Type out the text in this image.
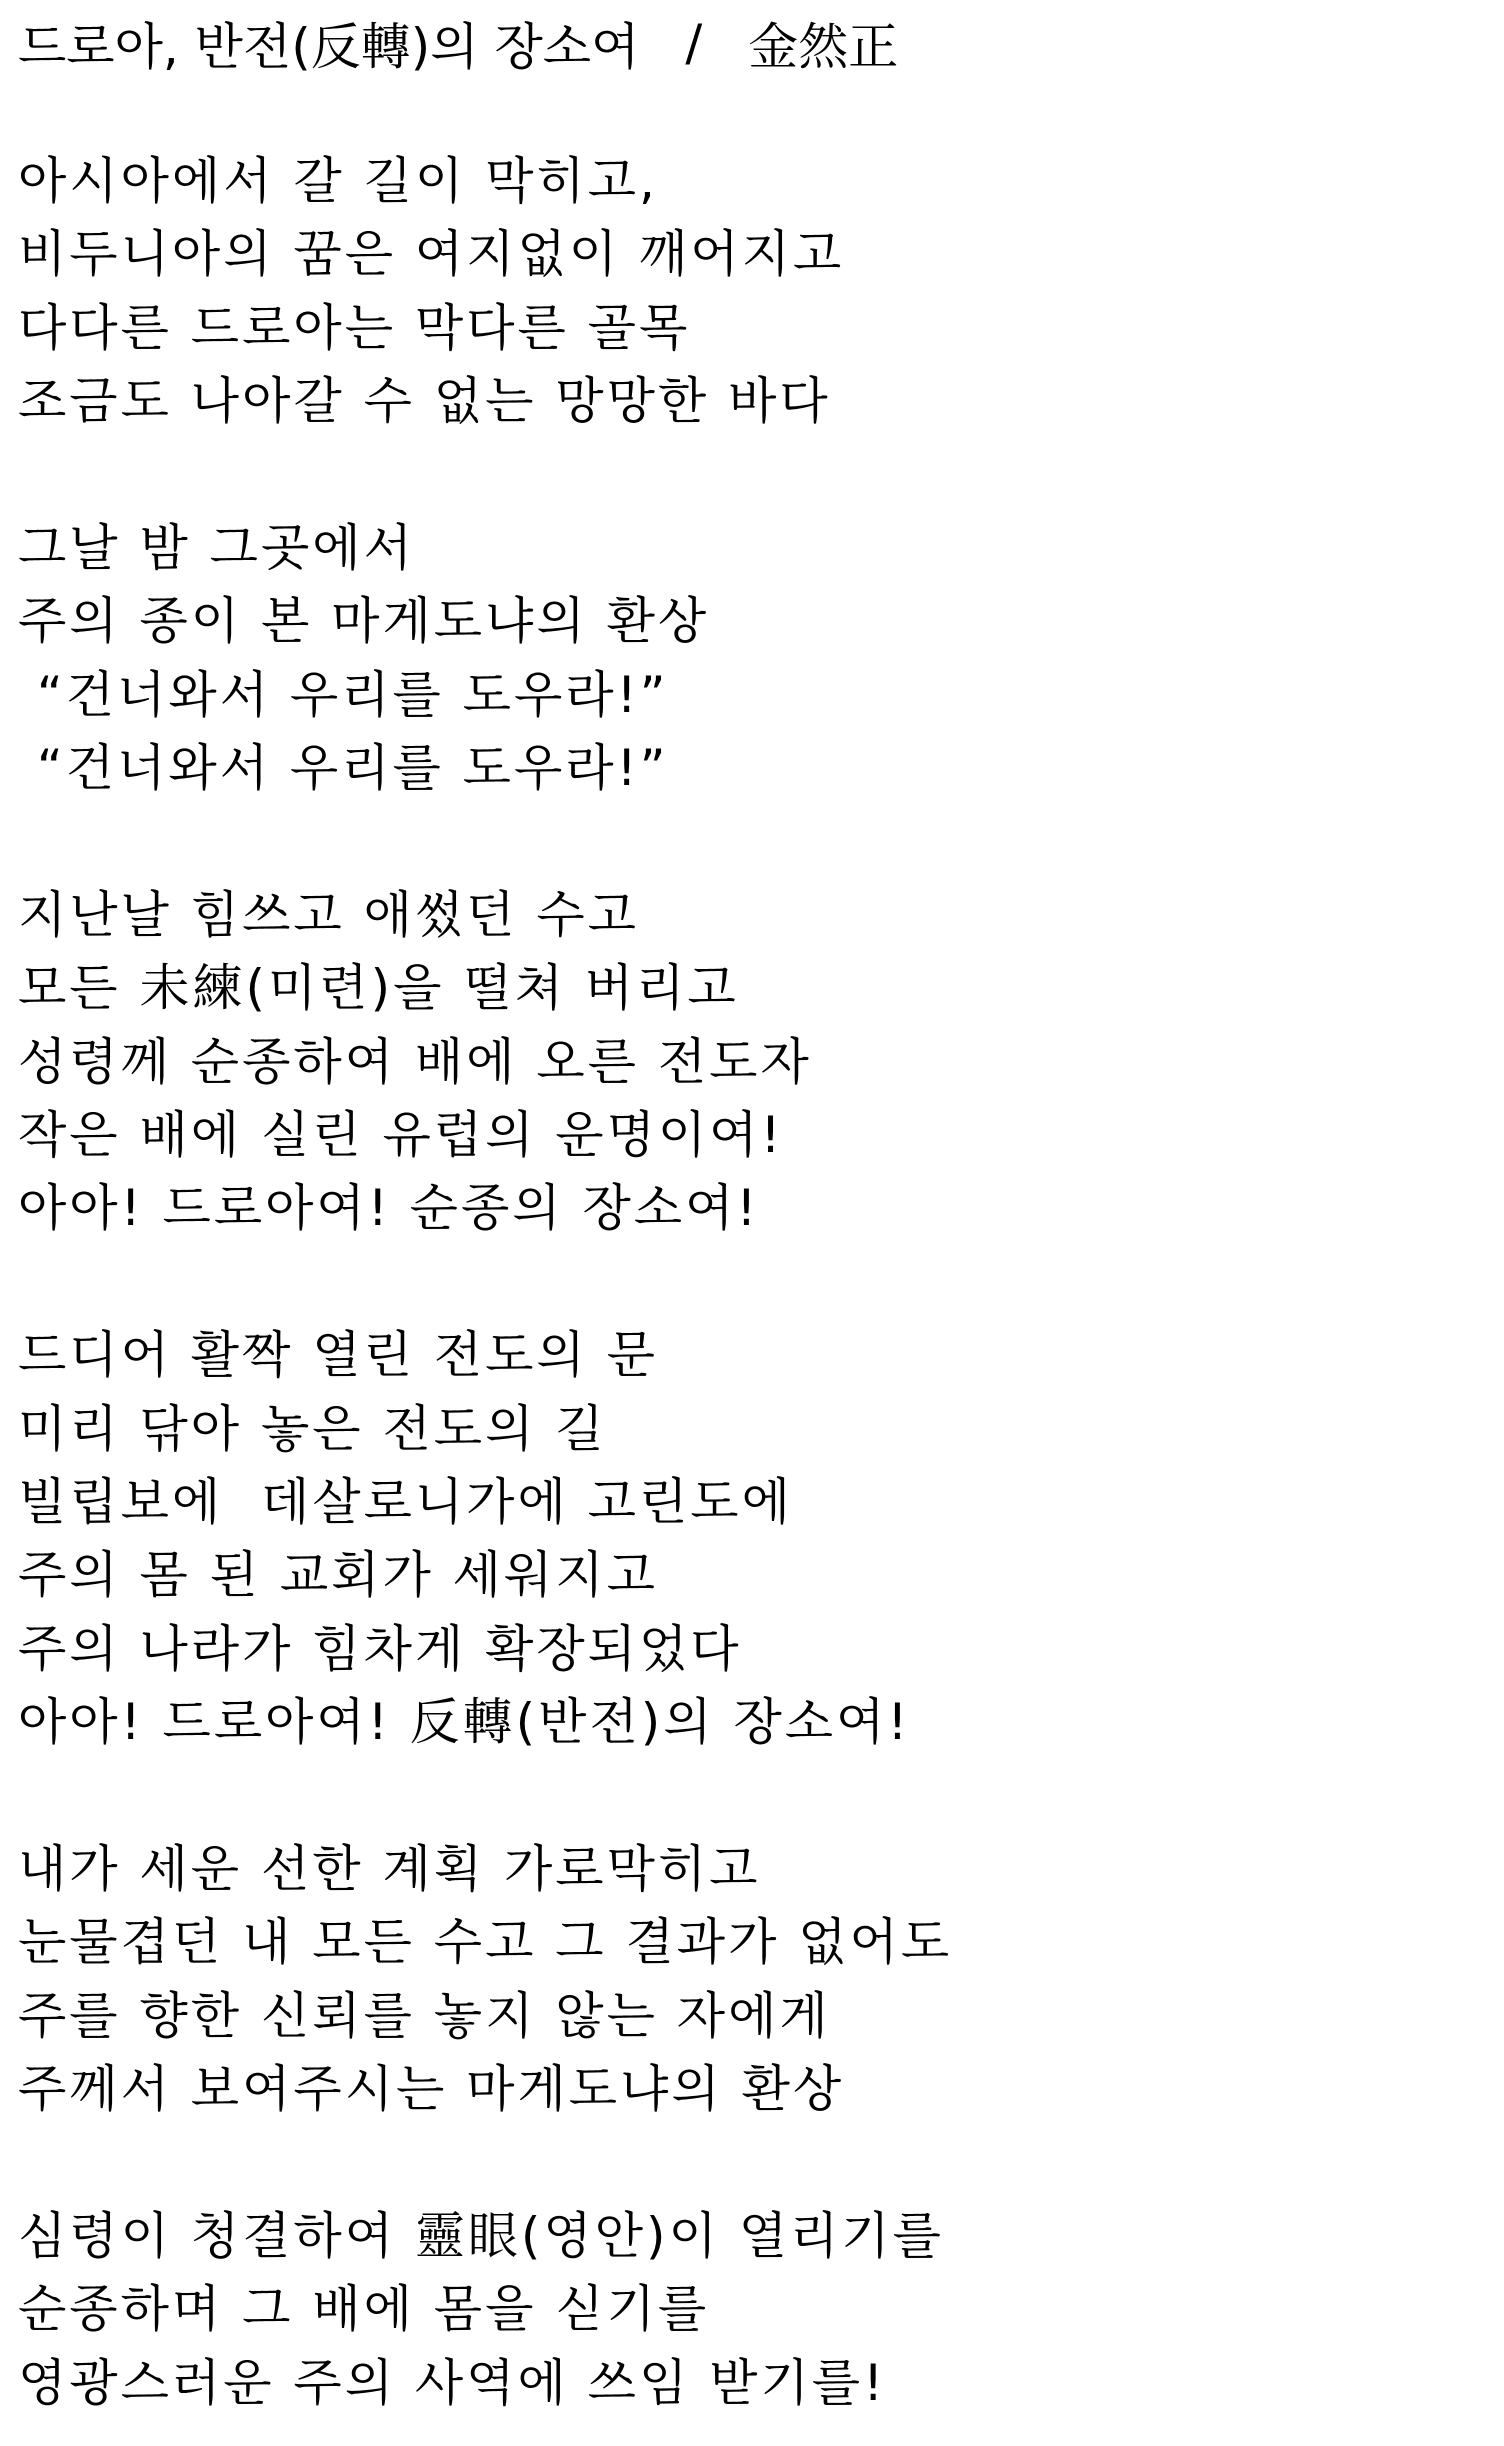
드로아, 반전(反轉)의 장소여 / 金然正
아시아에서 갈 길이 막히고,
비두니아의 꿈은 여지없이 깨어지고
다다른 드로아는 막다른 골목
조금도 나아갈 수 없는 망망한 바다
그날 밤 그곳에서
주의 종이 본 마게도냐의 환상
“건너와서 우리를 도우라!”
“건너와서 우리를 도우라!”
지난날 힘쓰고 애썼던 수고
모든 未練(미련)을 떨쳐 버리고
성령께 순종하여 배에 오른 전도자
작은 배에 실린 유럽의 운명이여!
아아! 드로아여! 순종의 장소여!
드디어 활짝 열린 전도의 문
미리 닦아 놓은 전도의 길
빌립보에  데살로니가에 고린도에
주의 몸 된 교회가 세워지고
주의 나라가 힘차게 확장되었다
아아! 드로아여! 反轉(반전)의 장소여!
내가 세운 선한 계획 가로막히고
눈물겹던 내 모든 수고 그 결과가 없어도
주를 향한 신뢰를 놓지 않는 자에게
주께서 보여주시는 마게도냐의 환상
심령이 청결하여 靈眼(영안)이 열리기를
순종하며 그 배에 몸을 싣기를
영광스러운 주의 사역에 쓰임 받기를!
